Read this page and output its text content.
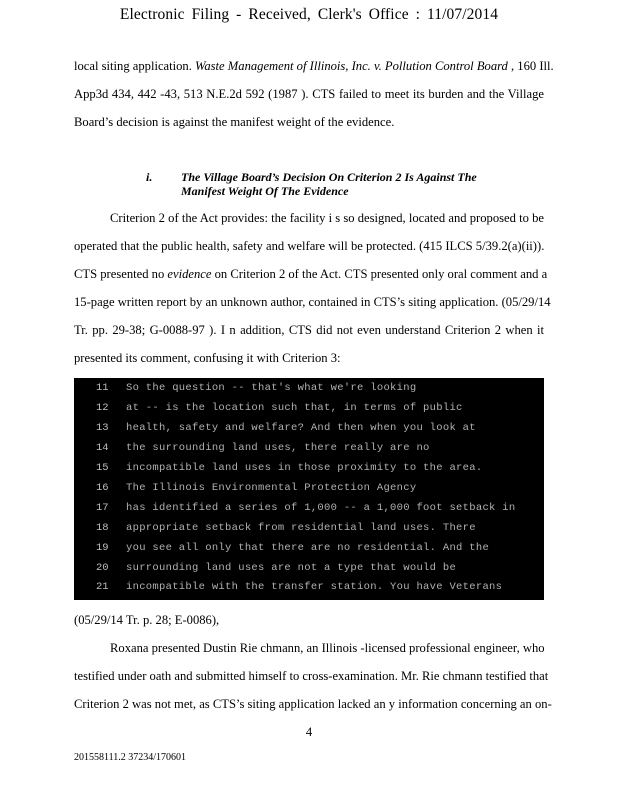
Electronic Filing - Received, Clerk's Office : 11/07/2014
local siting application. Waste Management of Illinois, Inc. v. Pollution Control Board , 160 Ill.
App3d 434, 442 -43, 513 N.E.2d 592 (1987 ). CTS failed to meet its burden and the Village
Board’s decision is against the manifest weight of the evidence.
i. The Village Board’s Decision On Criterion 2 Is Against The
Manifest Weight Of The Evidence
Criterion 2 of the Act provides: the facility i s so designed, located and proposed to be
operated that the public health, safety and welfare will be protected. (415 ILCS 5/39.2(a)(ii)).
CTS presented no evidence on Criterion 2 of the Act. CTS presented only oral comment and a
15-page written report by an unknown author, contained in CTS’s siting application. (05/29/14
Tr. pp. 29-38; G-0088-97 ). I n addition, CTS did not even understand Criterion 2 when it
presented its comment, confusing it with Criterion 3:
11	So the question -- that's what we're looking
12	at -- is the location such that, in terms of public
13	health, safety and welfare? And then when you look at
14	the surrounding land uses, there really are no
15	incompatible land uses in those proximity to the area.
16	The Illinois Environmental Protection Agency
17	has identified a series of 1,000 -- a 1,000 foot setback in
18	appropriate setback from residential land uses. There
19	you see all only that there are no residential. And the
20	surrounding land uses are not a type that would be
21	incompatible with the transfer station. You have Veterans
(05/29/14 Tr. p. 28; E-0086),
Roxana presented Dustin Rie chmann, an Illinois -licensed professional engineer, who
testified under oath and submitted himself to cross-examination. Mr. Rie chmann testified that
Criterion 2 was not met, as CTS’s siting application lacked an y information concerning an on-
4
201558111.2 37234/170601
